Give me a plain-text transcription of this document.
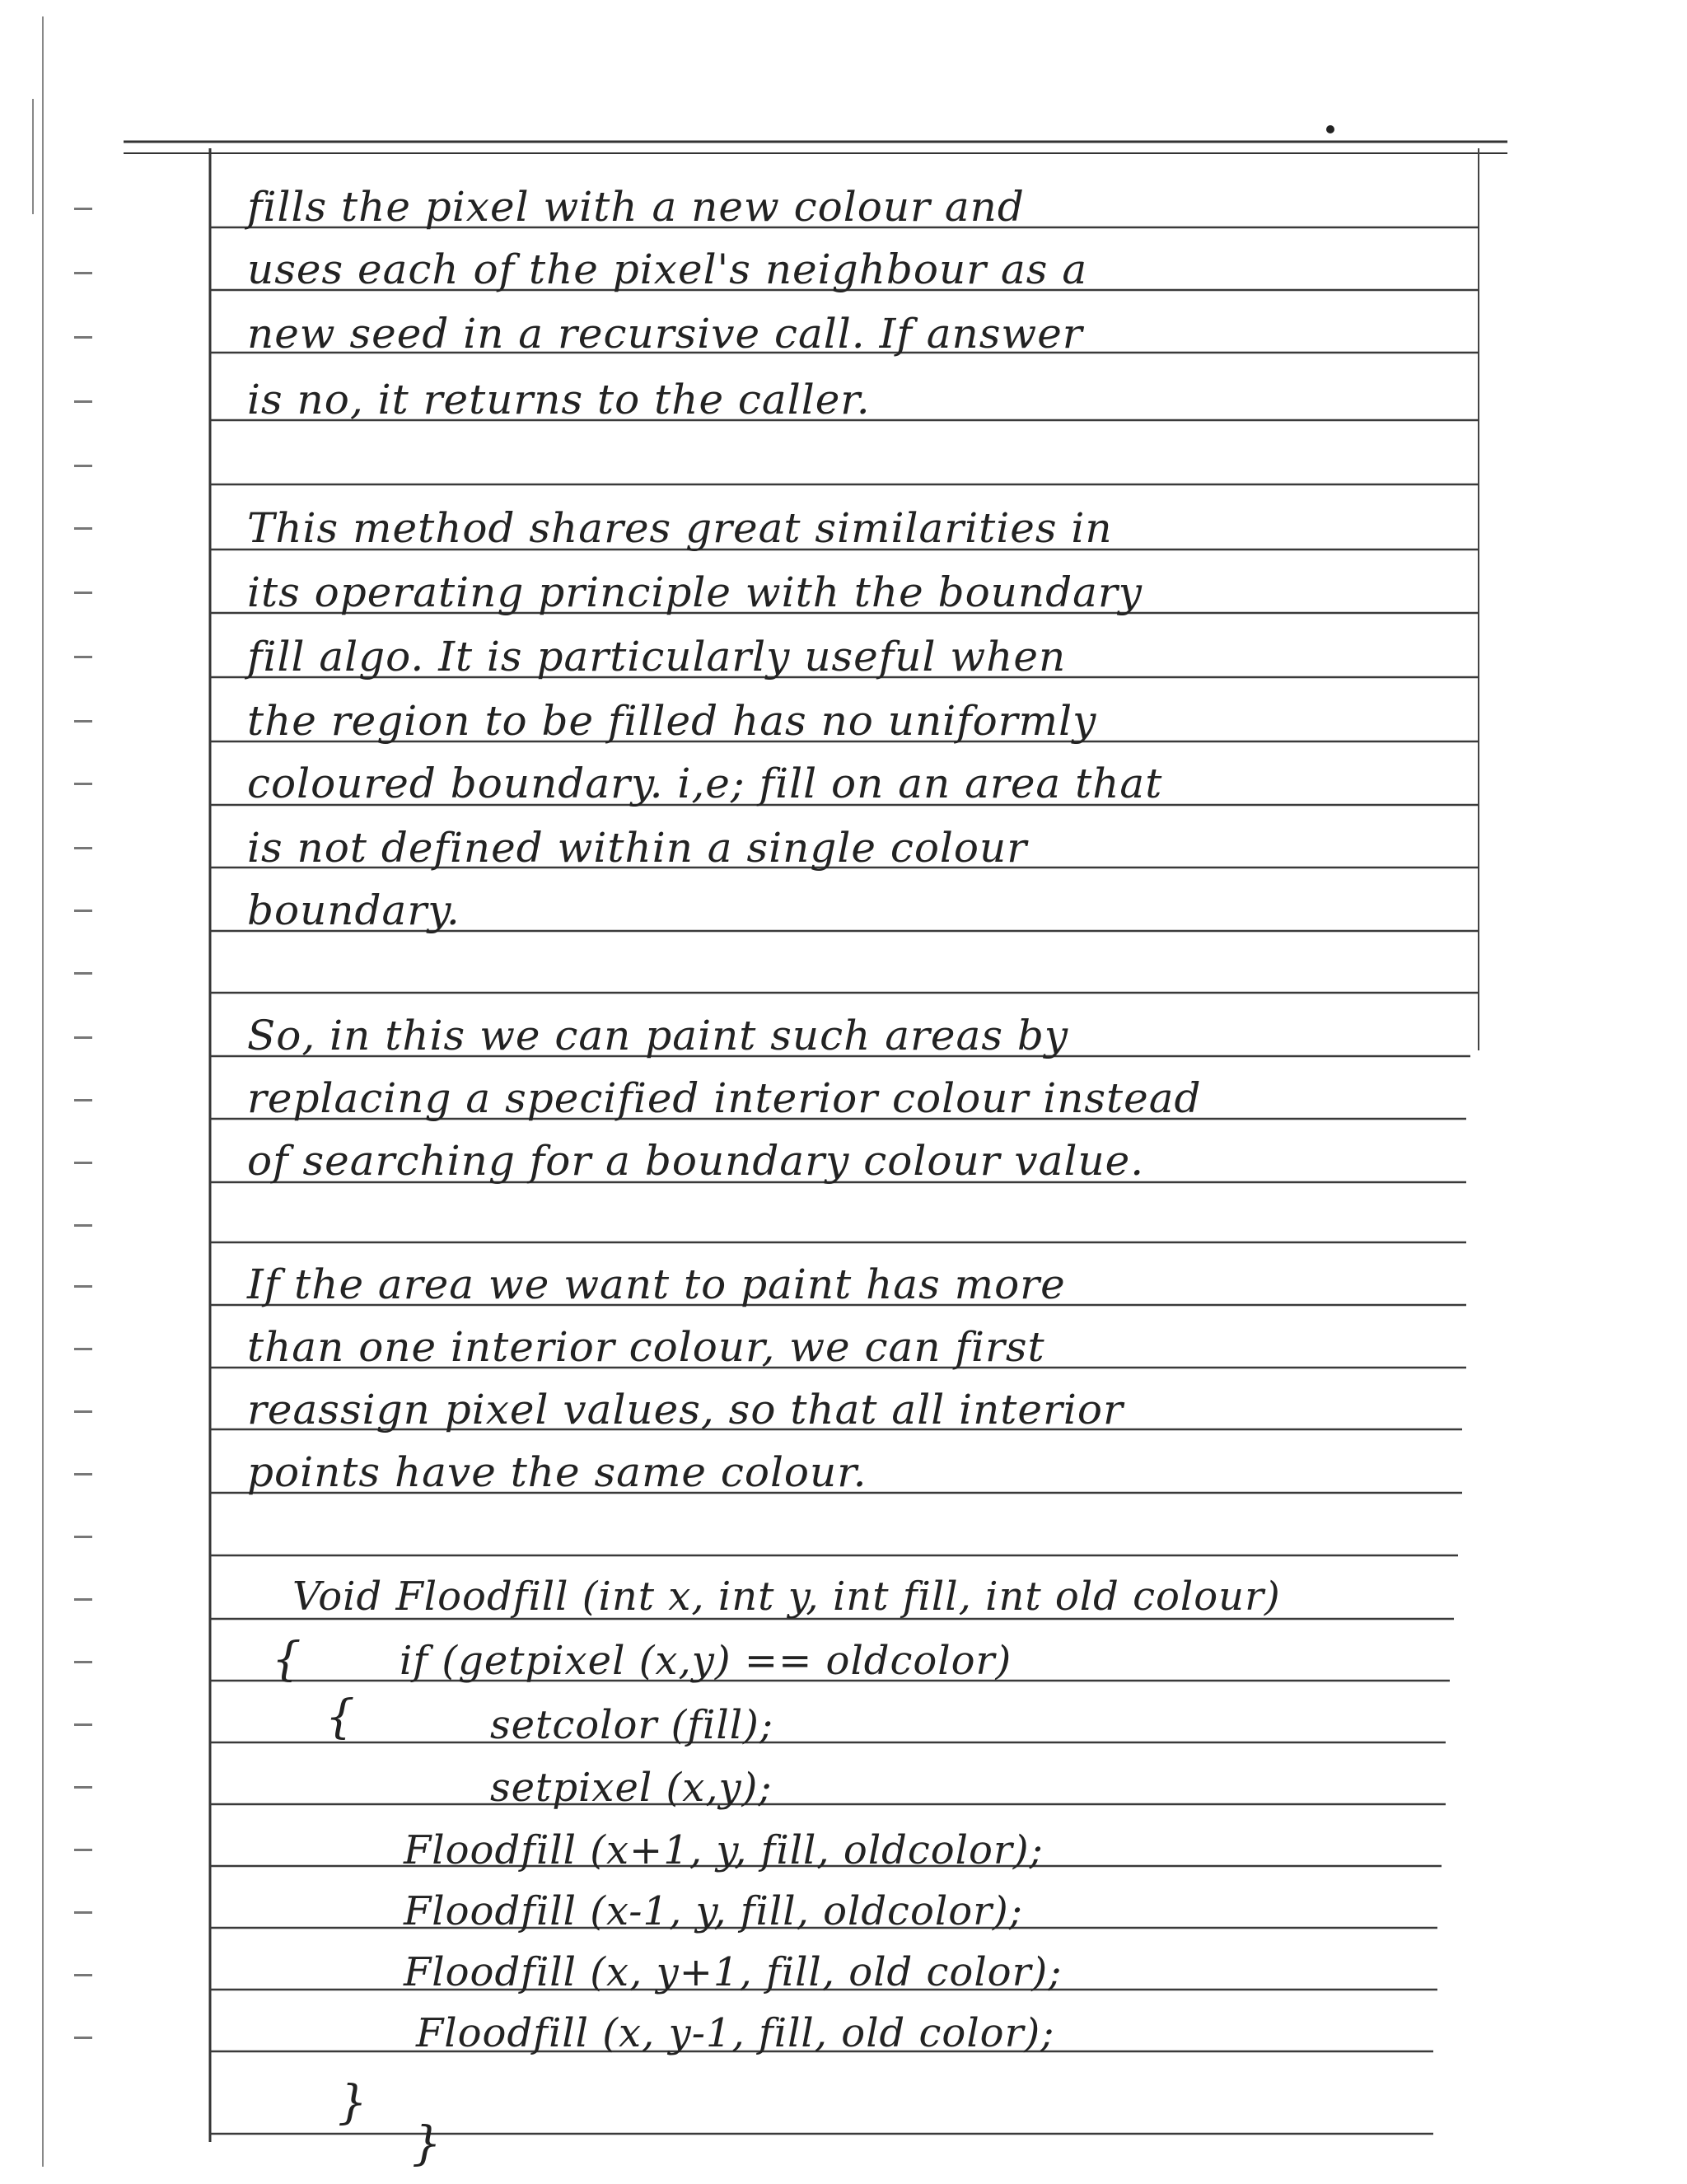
fills the pixel with a new colour and
uses each of the pixel's neighbour as a
new seed in a recursive call. If answer
is no, it returns to the caller.
This method shares great similarities in
its operating principle with the boundary
fill algo. It is particularly useful when
the region to be filled has no uniformly
coloured boundary. i,e; fill on an area that
is not defined within a single colour
boundary.
So, in this we can paint such areas by
replacing a specified interior colour instead
of searching for a boundary colour value.
If the area we want to paint has more
than one interior colour, we can first
reassign pixel values, so that all interior
points have the same colour.
Void Floodfill (int x, int y, int fill, int old colour)
{ if (getpixel (x,y) == oldcolor)
{	setcolor (fill);
setpixel (x,y);
Floodfill (x+1, y, fill, oldcolor);
Floodfill (x-1, y, fill, oldcolor);
Floodfill (x, y+1, fill, old color);
Floodfill (x, y-1, fill, old color);
}
}
